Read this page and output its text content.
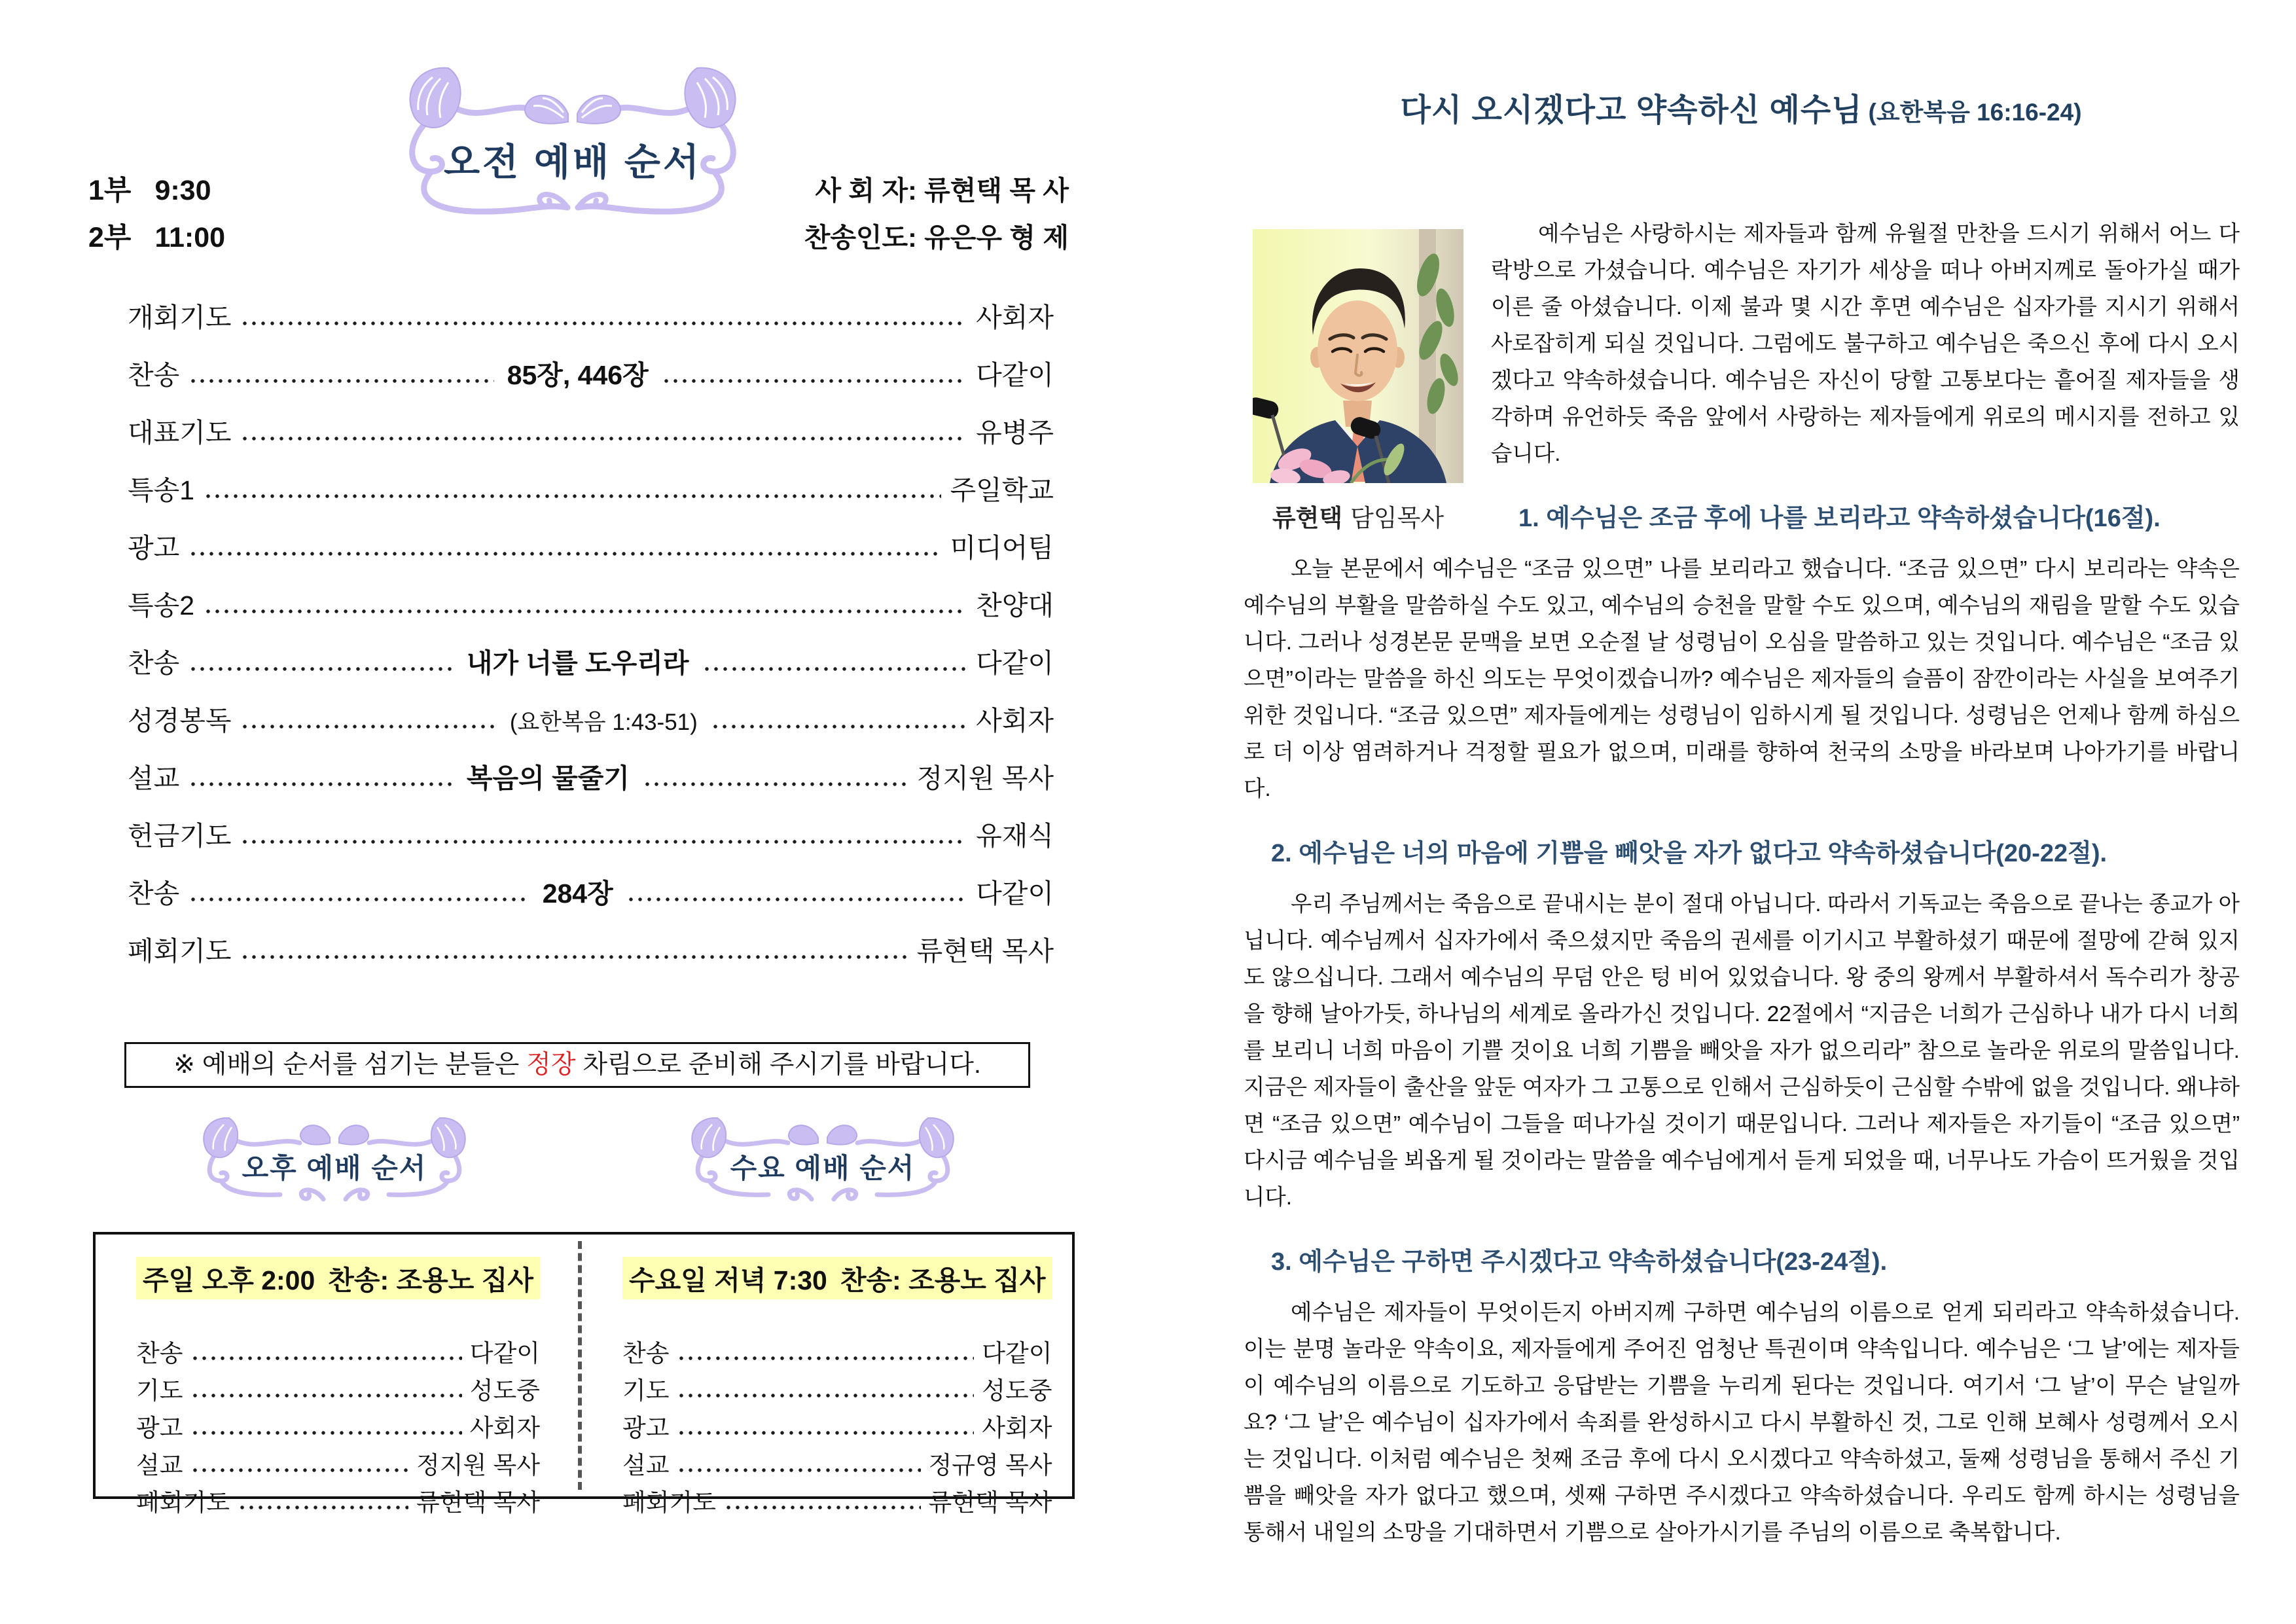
오전 예배 순서
1부 9:30
2부 11:00
사 회 자: 류현택 목 사
찬송인도: 유은우 형 제
개회기도	사회자
찬송	85장, 446장	다같이
대표기도	유병주
특송1	주일학교
광고	미디어팀
특송2	찬양대
찬송	내가 너를 도우리라	다같이
성경봉독	(요한복음 1:43-51)	사회자
설교	복음의 물줄기	정지원 목사
헌금기도	유재식
찬송	284장	다같이
폐회기도	류현택 목사
※ 예배의 순서를 섬기는 분들은 정장 차림으로 준비해 주시기를 바랍니다.
오후 예배 순서	수요 예배 순서
주일 오후 2:00 찬송: 조용노 집사
찬송	다같이
기도	성도중
광고	사회자
설교	정지원 목사
폐회기도	류현택 목사
수요일 저녁 7:30 찬송: 조용노 집사
찬송	다같이
기도	성도중
광고	사회자
설교	정규영 목사
폐회기도	류현택 목사
다시 오시겠다고 약속하신 예수님 (요한복음 16:16-24)
류현택 담임목사

예수님은 사랑하시는 제자들과 함께 유월절 만찬을 드시기 위해서 어느 다락방으로 가셨습니다. 예수님은 자기가 세상을 떠나 아버지께로 돌아가실 때가 이른 줄 아셨습니다. 이제 불과 몇 시간 후면 예수님은 십자가를 지시기 위해서 사로잡히게 되실 것입니다. 그럼에도 불구하고 예수님은 죽으신 후에 다시 오시겠다고 약속하셨습니다. 예수님은 자신이 당할 고통보다는 흩어질 제자들을 생각하며 유언하듯 죽음 앞에서 사랑하는 제자들에게 위로의 메시지를 전하고 있습니다.

1. 예수님은 조금 후에 나를 보리라고 약속하셨습니다(16절).

오늘 본문에서 예수님은 “조금 있으면” 나를 보리라고 했습니다. “조금 있으면” 다시 보리라는 약속은 예수님의 부활을 말씀하실 수도 있고, 예수님의 승천을 말할 수도 있으며, 예수님의 재림을 말할 수도 있습니다. 그러나 성경본문 문맥을 보면 오순절 날 성령님이 오심을 말씀하고 있는 것입니다. 예수님은 “조금 있으면”이라는 말씀을 하신 의도는 무엇이겠습니까? 예수님은 제자들의 슬픔이 잠깐이라는 사실을 보여주기 위한 것입니다. “조금 있으면” 제자들에게는 성령님이 임하시게 될 것입니다. 성령님은 언제나 함께 하심으로 더 이상 염려하거나 걱정할 필요가 없으며, 미래를 향하여 천국의 소망을 바라보며 나아가기를 바랍니다.

2. 예수님은 너의 마음에 기쁨을 빼앗을 자가 없다고 약속하셨습니다(20-22절).

우리 주님께서는 죽음으로 끝내시는 분이 절대 아닙니다. 따라서 기독교는 죽음으로 끝나는 종교가 아닙니다. 예수님께서 십자가에서 죽으셨지만 죽음의 권세를 이기시고 부활하셨기 때문에 절망에 갇혀 있지도 않으십니다. 그래서 예수님의 무덤 안은 텅 비어 있었습니다. 왕 중의 왕께서 부활하셔서 독수리가 창공을 향해 날아가듯, 하나님의 세계로 올라가신 것입니다. 22절에서 “지금은 너희가 근심하나 내가 다시 너희를 보리니 너희 마음이 기쁠 것이요 너희 기쁨을 빼앗을 자가 없으리라” 참으로 놀라운 위로의 말씀입니다. 지금은 제자들이 출산을 앞둔 여자가 그 고통으로 인해서 근심하듯이 근심할 수밖에 없을 것입니다. 왜냐하면 “조금 있으면” 예수님이 그들을 떠나가실 것이기 때문입니다. 그러나 제자들은 자기들이 “조금 있으면” 다시금 예수님을 뵈옵게 될 것이라는 말씀을 예수님에게서 듣게 되었을 때, 너무나도 가슴이 뜨거웠을 것입니다.

3. 예수님은 구하면 주시겠다고 약속하셨습니다(23-24절).

예수님은 제자들이 무엇이든지 아버지께 구하면 예수님의 이름으로 얻게 되리라고 약속하셨습니다. 이는 분명 놀라운 약속이요, 제자들에게 주어진 엄청난 특권이며 약속입니다. 예수님은 ‘그 날’에는 제자들이 예수님의 이름으로 기도하고 응답받는 기쁨을 누리게 된다는 것입니다. 여기서 ‘그 날’이 무슨 날일까요? ‘그 날’은 예수님이 십자가에서 속죄를 완성하시고 다시 부활하신 것, 그로 인해 보혜사 성령께서 오시는 것입니다. 이처럼 예수님은 첫째 조금 후에 다시 오시겠다고 약속하셨고, 둘째 성령님을 통해서 주신 기쁨을 빼앗을 자가 없다고 했으며, 셋째 구하면 주시겠다고 약속하셨습니다. 우리도 함께 하시는 성령님을 통해서 내일의 소망을 기대하면서 기쁨으로 살아가시기를 주님의 이름으로 축복합니다.
